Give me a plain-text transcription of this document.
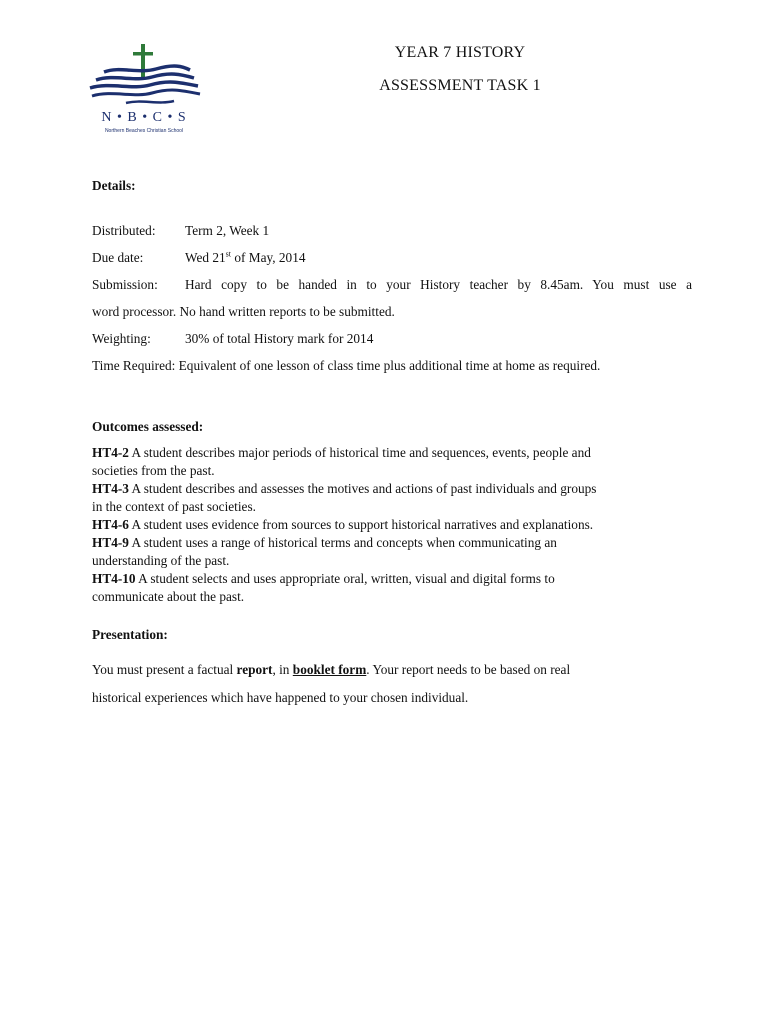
N • B • C • S
Northern Beaches Christian School
YEAR 7 HISTORY
ASSESSMENT TASK 1

Details:

Distributed: Term 2, Week 1

Due date:	Wed 21st of May, 2014

Submission: Hard copy to be handed in to your History teacher by 8.45am. You must use a

word processor. No hand written reports to be submitted.

Weighting:	30% of total History mark for 2014

Time Required: Equivalent of one lesson of class time plus additional time at home as required.

Outcomes assessed:

HT4-2 A student describes major periods of historical time and sequences, events, people and
societies from the past.
HT4-3 A student describes and assesses the motives and actions of past individuals and groups
in the context of past societies.
HT4-6 A student uses evidence from sources to support historical narratives and explanations.
HT4-9 A student uses a range of historical terms and concepts when communicating an
understanding of the past.
HT4-10 A student selects and uses appropriate oral, written, visual and digital forms to
communicate about the past.

Presentation:

You must present a factual report, in booklet form. Your report needs to be based on real
historical experiences which have happened to your chosen individual.
